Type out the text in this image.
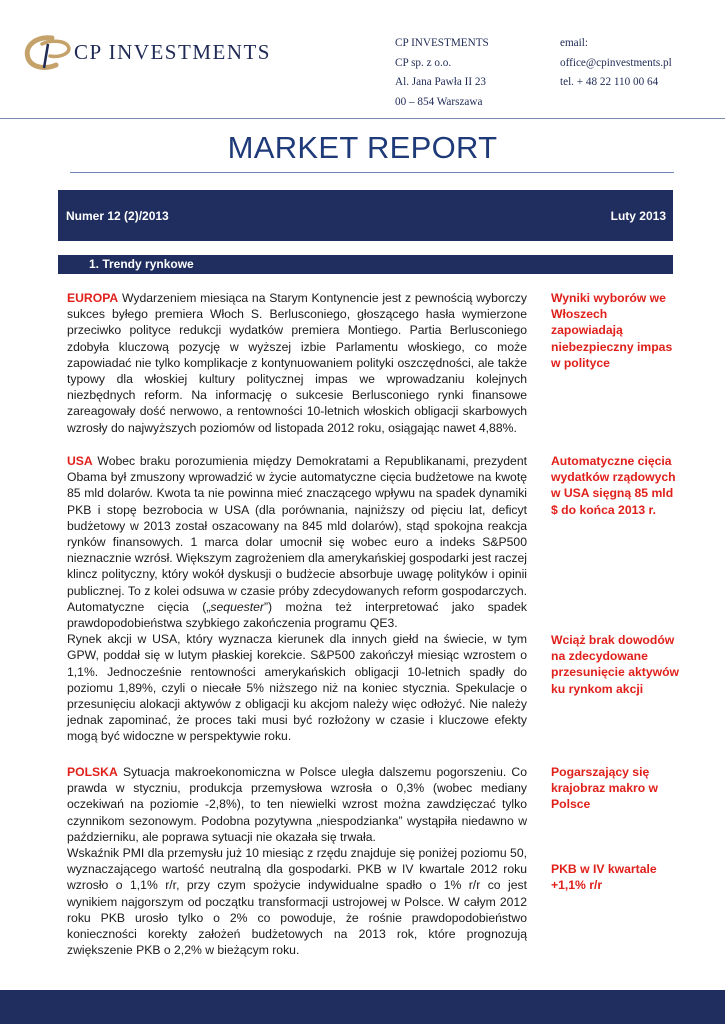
CP INVESTMENTS	CP INVESTMENTS
CP sp. z o.o.
Al. Jana Pawła II 23
00 – 854 Warszawa
email:
office@cpinvestments.pl
tel. + 48 22 110 00 64
MARKET REPORT
Numer 12 (2)/2013	Luty 2013
1. Trendy rynkowe

EUROPA Wydarzeniem miesiąca na Starym Kontynencie jest z pewnością wyborczy sukces byłego premiera Włoch S. Berlusconiego, głoszącego hasła wymierzone przeciwko polityce redukcji wydatków premiera Montiego. Partia Berlusconiego zdobyła kluczową pozycję w wyższej izbie Parlamentu włoskiego, co może zapowiadać nie tylko komplikacje z kontynuowaniem polityki oszczędności, ale także typowy dla włoskiej kultury politycznej impas we wprowadzaniu kolejnych niezbędnych reform. Na informację o sukcesie Berlusconiego rynki finansowe zareagowały dość nerwowo, a rentowności 10-letnich włoskich obligacji skarbowych wzrosły do najwyższych poziomów od listopada 2012 roku, osiągając nawet 4,88%.

USA Wobec braku porozumienia między Demokratami a Republikanami, prezydent Obama był zmuszony wprowadzić w życie automatyczne cięcia budżetowe na kwotę 85 mld dolarów. Kwota ta nie powinna mieć znaczącego wpływu na spadek dynamiki PKB i stopę bezrobocia w USA (dla porównania, najniższy od pięciu lat, deficyt budżetowy w 2013 został oszacowany na 845 mld dolarów), stąd spokojna reakcja rynków finansowych. 1 marca dolar umocnił się wobec euro a indeks S&P500 nieznacznie wzrósł. Większym zagrożeniem dla amerykańskiej gospodarki jest raczej klincz polityczny, który wokół dyskusji o budżecie absorbuje uwagę polityków i opinii publicznej. To z kolei odsuwa w czasie próby zdecydowanych reform gospodarczych. Automatyczne cięcia („sequester”) można też interpretować jako spadek prawdopodobieństwa szybkiego zakończenia programu QE3.

Rynek akcji w USA, który wyznacza kierunek dla innych giełd na świecie, w tym GPW, poddał się w lutym płaskiej korekcie. S&P500 zakończył miesiąc wzrostem o 1,1%. Jednocześnie rentowności amerykańskich obligacji 10-letnich spadły do poziomu 1,89%, czyli o niecałe 5% niższego niż na koniec stycznia. Spekulacje o przesunięciu alokacji aktywów z obligacji ku akcjom należy więc odłożyć. Nie należy jednak zapominać, że proces taki musi być rozłożony w czasie i kluczowe efekty mogą być widoczne w perspektywie roku.

POLSKA Sytuacja makroekonomiczna w Polsce uległa dalszemu pogorszeniu. Co prawda w styczniu, produkcja przemysłowa wzrosła o 0,3% (wobec mediany oczekiwań na poziomie -2,8%), to ten niewielki wzrost można zawdzięczać tylko czynnikom sezonowym. Podobna pozytywna „niespodzianka” wystąpiła niedawno w październiku, ale poprawa sytuacji nie okazała się trwała.

Wskaźnik PMI dla przemysłu już 10 miesiąc z rzędu znajduje się poniżej poziomu 50, wyznaczającego wartość neutralną dla gospodarki. PKB w IV kwartale 2012 roku wzrosło o 1,1% r/r, przy czym spożycie indywidualne spadło o 1% r/r co jest wynikiem najgorszym od początku transformacji ustrojowej w Polsce. W całym 2012 roku PKB urosło tylko o 2% co powoduje, że rośnie prawdopodobieństwo konieczności korekty założeń budżetowych na 2013 rok, które prognozują zwiększenie PKB o 2,2% w bieżącym roku.

Wyniki wyborów we Włoszech zapowiadają niebezpieczny impas w polityce
Automatyczne cięcia wydatków rządowych w USA sięgną 85 mld $ do końca 2013 r.
Wciąż brak dowodów na zdecydowane przesunięcie aktywów ku rynkom akcji
Pogarszający się krajobraz makro w Polsce
PKB w IV kwartale +1,1% r/r
